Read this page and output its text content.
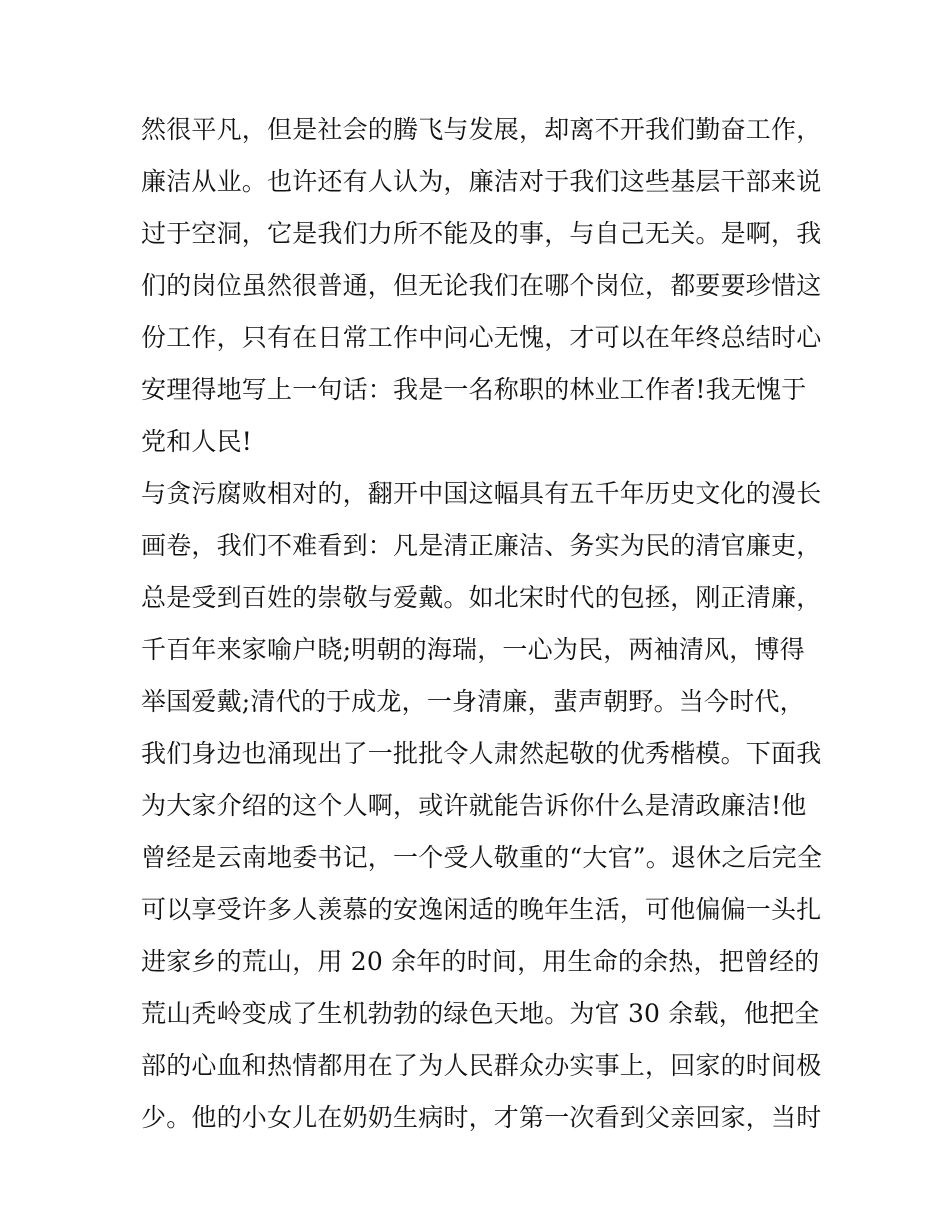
然很平凡，但是社会的腾飞与发展，却离不开我们勤奋工作，
廉洁从业。也许还有人认为，廉洁对于我们这些基层干部来说
过于空洞，它是我们力所不能及的事，与自己无关。是啊，我
们的岗位虽然很普通，但无论我们在哪个岗位，都要要珍惜这
份工作，只有在日常工作中问心无愧，才可以在年终总结时心
安理得地写上一句话：我是一名称职的林业工作者!我无愧于
党和人民!
与贪污腐败相对的，翻开中国这幅具有五千年历史文化的漫长
画卷，我们不难看到：凡是清正廉洁、务实为民的清官廉吏，
总是受到百姓的崇敬与爱戴。如北宋时代的包拯，刚正清廉，
千百年来家喻户晓;明朝的海瑞，一心为民，两袖清风，博得
举国爱戴;清代的于成龙，一身清廉，蜚声朝野。当今时代，
我们身边也涌现出了一批批令人肃然起敬的优秀楷模。下面我
为大家介绍的这个人啊，或许就能告诉你什么是清政廉洁!他
曾经是云南地委书记，一个受人敬重的“大官”。退休之后完全
可以享受许多人羡慕的安逸闲适的晚年生活，可他偏偏一头扎
进家乡的荒山，用 20 余年的时间，用生命的余热，把曾经的
荒山秃岭变成了生机勃勃的绿色天地。为官 30 余载，他把全
部的心血和热情都用在了为人民群众办实事上，回家的时间极
少。他的小女儿在奶奶生病时，才第一次看到父亲回家，当时
